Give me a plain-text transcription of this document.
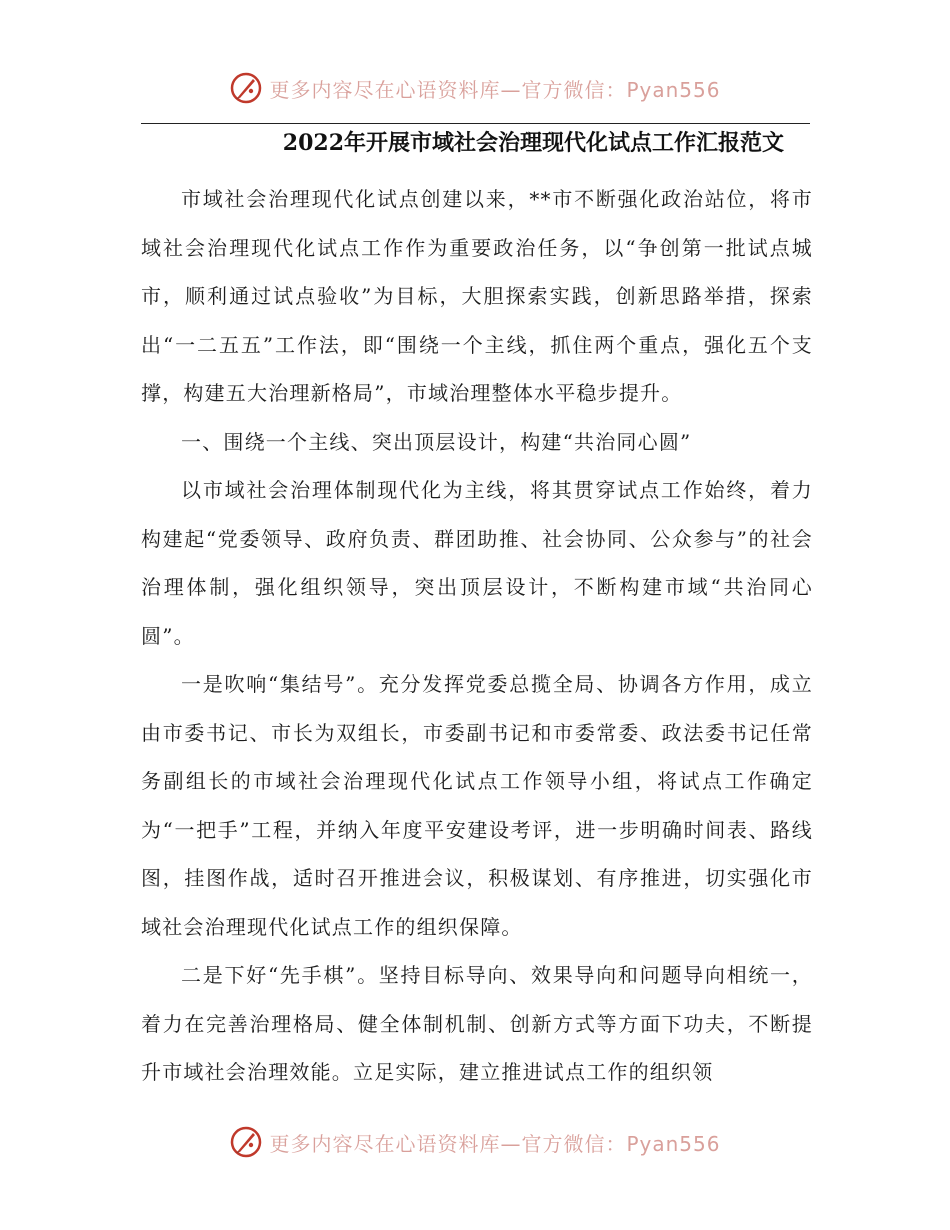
更多内容尽在心语资料库—官方微信：Pyan556
2022年开展市域社会治理现代化试点工作汇报范文

市域社会治理现代化试点创建以来，**市不断强化政治站位，将市域社会治理现代化试点工作作为重要政治任务，以“争创第一批试点城市，顺利通过试点验收”为目标，大胆探索实践，创新思路举措，探索出“一二五五”工作法，即“围绕一个主线，抓住两个重点，强化五个支撑，构建五大治理新格局”，市域治理整体水平稳步提升。

一、围绕一个主线、突出顶层设计，构建“共治同心圆”

以市域社会治理体制现代化为主线，将其贯穿试点工作始终，着力构建起“党委领导、政府负责、群团助推、社会协同、公众参与”的社会治理体制，强化组织领导，突出顶层设计，不断构建市域“共治同心圆”。

一是吹响“集结号”。充分发挥党委总揽全局、协调各方作用，成立由市委书记、市长为双组长，市委副书记和市委常委、政法委书记任常务副组长的市域社会治理现代化试点工作领导小组，将试点工作确定为“一把手”工程，并纳入年度平安建设考评，进一步明确时间表、路线图，挂图作战，适时召开推进会议，积极谋划、有序推进，切实强化市域社会治理现代化试点工作的组织保障。

二是下好“先手棋”。坚持目标导向、效果导向和问题导向相统一，着力在完善治理格局、健全体制机制、创新方式等方面下功夫，不断提升市域社会治理效能。立足实际，建立推进试点工作的组织领

更多内容尽在心语资料库—官方微信：Pyan556
